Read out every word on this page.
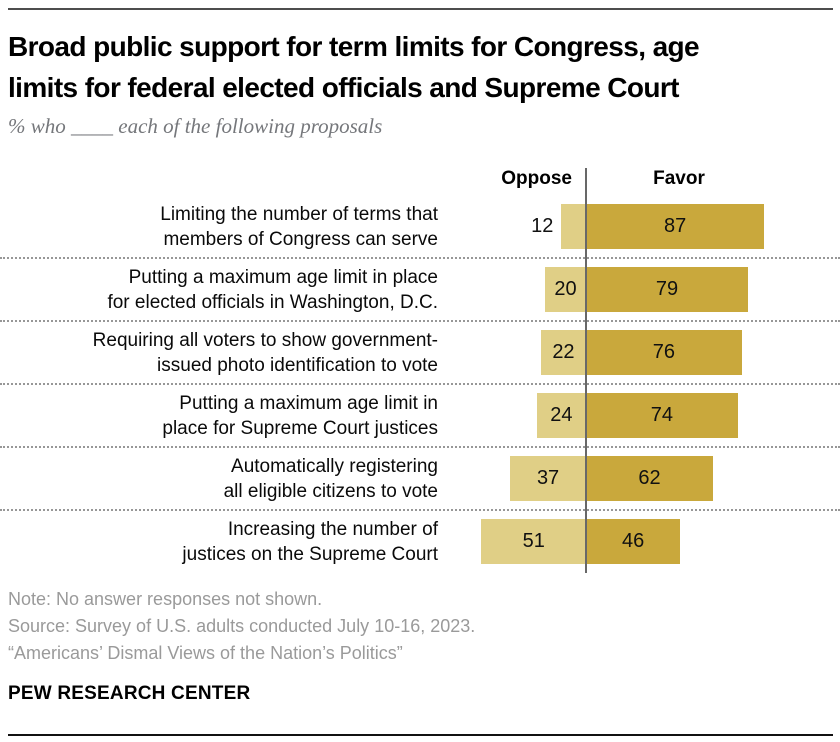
Broad public support for term limits for Congress, age
limits for federal elected officials and Supreme Court
% who ____ each of the following proposals
Oppose	Favor
Limiting the number of terms that
members of Congress can serve
12	87
Putting a maximum age limit in place
for elected officials in Washington, D.C.
20	79
Requiring all voters to show government-
issued photo identification to vote
22	76
Putting a maximum age limit in
place for Supreme Court justices
24	74
Automatically registering
all eligible citizens to vote
37	62
Increasing the number of
justices on the Supreme Court
51	46
Note: No answer responses not shown.
Source: Survey of U.S. adults conducted July 10-16, 2023.
“Americans’ Dismal Views of the Nation’s Politics”
PEW RESEARCH CENTER
